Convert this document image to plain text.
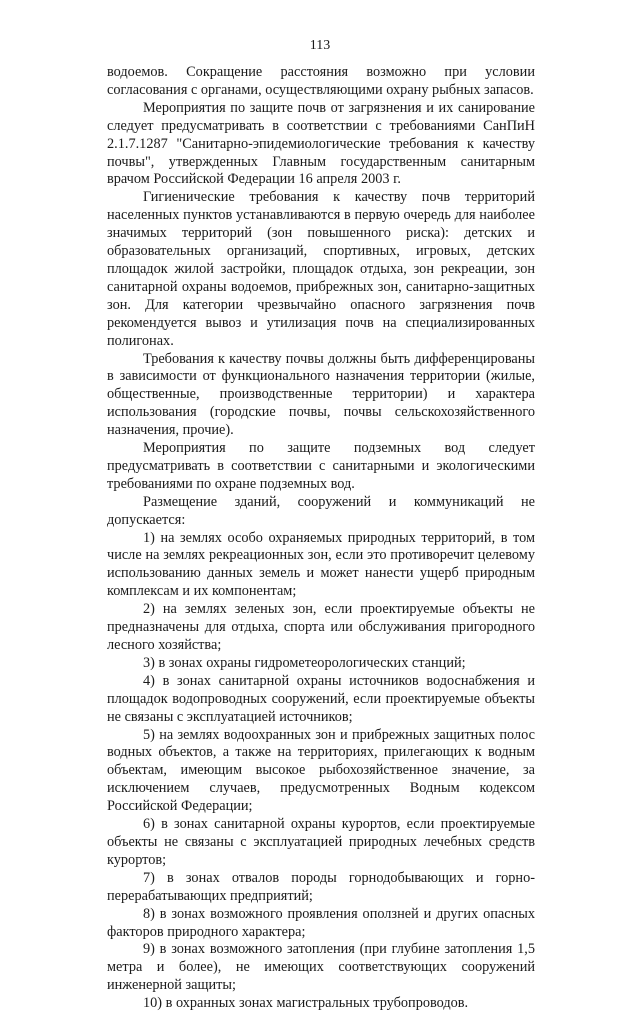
113

водоемов. Сокращение расстояния возможно при условии согласования с органами, осуществляющими охрану рыбных запасов.

Мероприятия по защите почв от загрязнения и их санирование следует предусматривать в соответствии с требованиями СанПиН 2.1.7.1287 "Санитарно-эпидемиологические требования к качеству почвы", утвержденных Главным государственным санитарным врачом Российской Федерации 16 апреля 2003 г.

Гигиенические требования к качеству почв территорий населенных пунктов устанавливаются в первую очередь для наиболее значимых территорий (зон повышенного риска): детских и образовательных организаций, спортивных, игровых, детских площадок жилой застройки, площадок отдыха, зон рекреации, зон санитарной охраны водоемов, прибрежных зон, санитарно-защитных зон. Для категории чрезвычайно опасного загрязнения почв рекомендуется вывоз и утилизация почв на специализированных полигонах.

Требования к качеству почвы должны быть дифференцированы в зависимости от функционального назначения территории (жилые, общественные, производственные территории) и характера использования (городские почвы, почвы сельскохозяйственного назначения, прочие).

Мероприятия по защите подземных вод следует предусматривать в соответствии с санитарными и экологическими требованиями по охране подземных вод.

Размещение зданий, сооружений и коммуникаций не допускается:

1) на землях особо охраняемых природных территорий, в том числе на землях рекреационных зон, если это противоречит целевому использованию данных земель и может нанести ущерб природным комплексам и их компонентам;

2) на землях зеленых зон, если проектируемые объекты не предназначены для отдыха, спорта или обслуживания пригородного лесного хозяйства;

3) в зонах охраны гидрометеорологических станций;

4) в зонах санитарной охраны источников водоснабжения и площадок водопроводных сооружений, если проектируемые объекты не связаны с эксплуатацией источников;

5) на землях водоохранных зон и прибрежных защитных полос водных объектов, а также на территориях, прилегающих к водным объектам, имеющим высокое рыбохозяйственное значение, за исключением случаев, предусмотренных Водным кодексом Российской Федерации;

6) в зонах санитарной охраны курортов, если проектируемые объекты не связаны с эксплуатацией природных лечебных средств курортов;

7) в зонах отвалов породы горнодобывающих и горно-перерабатывающих предприятий;

8) в зонах возможного проявления оползней и других опасных факторов природного характера;

9) в зонах возможного затопления (при глубине затопления 1,5 метра и более), не имеющих соответствующих сооружений инженерной защиты;

10) в охранных зонах магистральных трубопроводов.
